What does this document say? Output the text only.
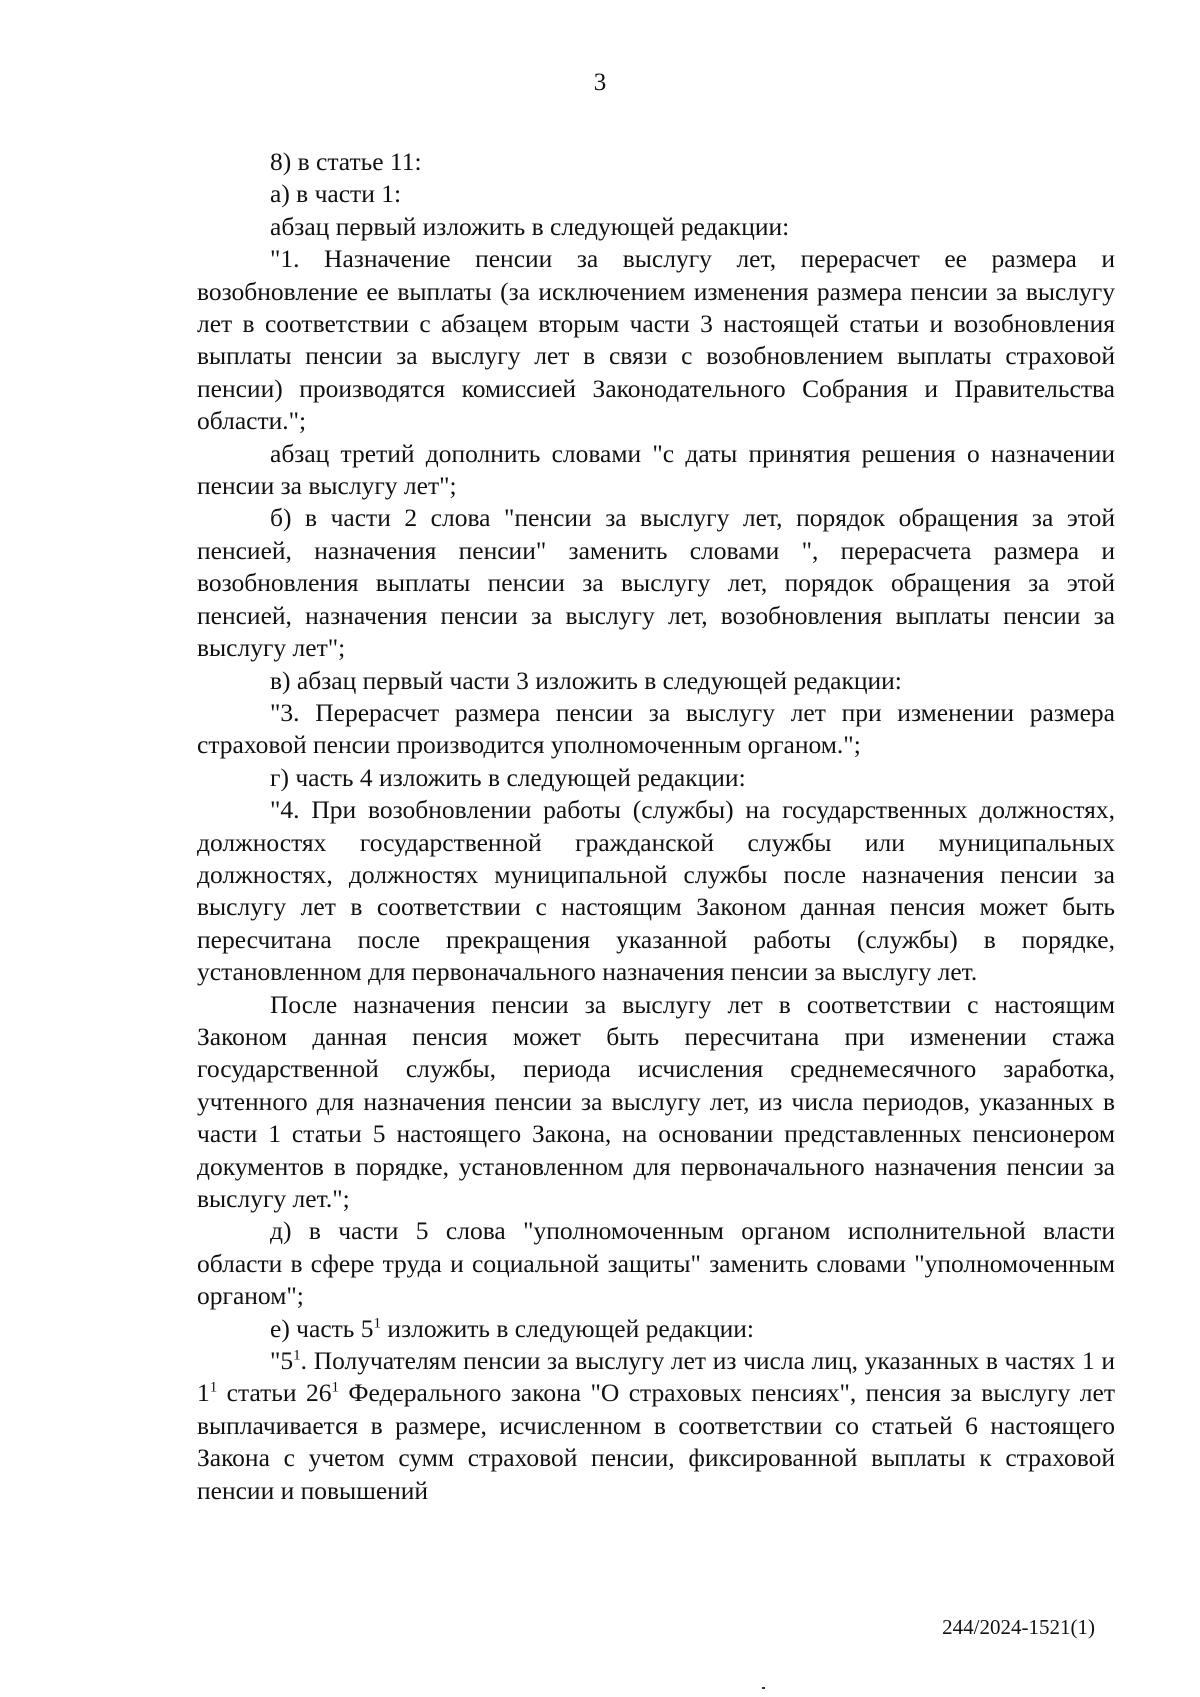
3

8) в статье 11:

а) в части 1:

абзац первый изложить в следующей редакции:

"1. Назначение пенсии за выслугу лет, перерасчет ее размера и возобновление ее выплаты (за исключением изменения размера пенсии за выслугу лет в соответствии с абзацем вторым части 3 настоящей статьи и возобновления выплаты пенсии за выслугу лет в связи с возобновлением выплаты страховой пенсии) производятся комиссией Законодательного Собрания и Правительства области.";

абзац третий дополнить словами "с даты принятия решения о назначении пенсии за выслугу лет";

б) в части 2 слова "пенсии за выслугу лет, порядок обращения за этой пенсией, назначения пенсии" заменить словами ", перерасчета размера и возобновления выплаты пенсии за выслугу лет, порядок обращения за этой пенсией, назначения пенсии за выслугу лет, возобновления выплаты пенсии за выслугу лет";

в) абзац первый части 3 изложить в следующей редакции:

"3. Перерасчет размера пенсии за выслугу лет при изменении размера страховой пенсии производится уполномоченным органом.";

г) часть 4 изложить в следующей редакции:

"4. При возобновлении работы (службы) на государственных должностях, должностях государственной гражданской службы или муниципальных должностях, должностях муниципальной службы после назначения пенсии за выслугу лет в соответствии с настоящим Законом данная пенсия может быть пересчитана после прекращения указанной работы (службы) в порядке, установленном для первоначального назначения пенсии за выслугу лет.

После назначения пенсии за выслугу лет в соответствии с настоящим Законом данная пенсия может быть пересчитана при изменении стажа государственной службы, периода исчисления среднемесячного заработка, учтенного для назначения пенсии за выслугу лет, из числа периодов, указанных в части 1 статьи 5 настоящего Закона, на основании представленных пенсионером документов в порядке, установленном для первоначального назначения пенсии за выслугу лет.";

д) в части 5 слова "уполномоченным органом исполнительной власти области в сфере труда и социальной защиты" заменить словами "уполномоченным органом";

е) часть $5^1$ изложить в следующей редакции:

"$5^1$. Получателям пенсии за выслугу лет из числа лиц, указанных в частях 1 и $1^1$ статьи $26^1$ Федерального закона "О страховых пенсиях", пенсия за выслугу лет выплачивается в размере, исчисленном в соответствии со статьей 6 настоящего Закона с учетом сумм страховой пенсии, фиксированной выплаты к страховой пенсии и повышений

244/2024-1521(1)
